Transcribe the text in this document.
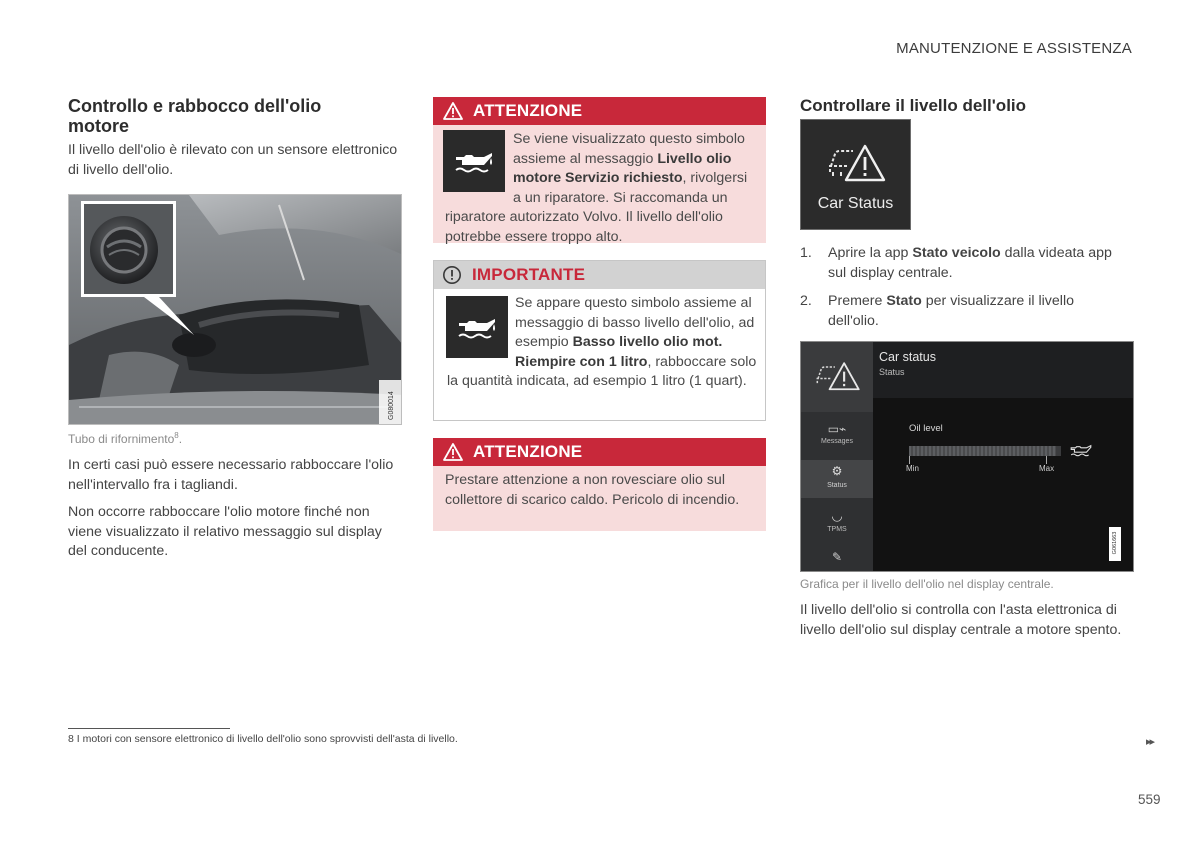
MANUTENZIONE E ASSISTENZA
Controllo e rabbocco dell'olio motore
Il livello dell'olio è rilevato con un sensore elettronico di livello dell'olio.
G080014
Tubo di rifornimento$^8$.
In certi casi può essere necessario rabboccare l'olio nell'intervallo fra i tagliandi.
Non occorre rabboccare l'olio motore finché non viene visualizzato il relativo messaggio sul display del conducente.
ATTENZIONE
Se viene visualizzato questo simbolo assieme al messaggio Livello olio motore Servizio richiesto, rivolgersi a un riparatore. Si raccomanda un riparatore autorizzato Volvo. Il livello dell'olio potrebbe essere troppo alto.
IMPORTANTE
Se appare questo simbolo assieme al messaggio di basso livello dell'olio, ad esempio Basso livello olio mot. Riempire con 1 litro, rabboccare solo la quantità indicata, ad esempio 1 litro (1 quart).
ATTENZIONE
Prestare attenzione a non rovesciare olio sul collettore di scarico caldo. Pericolo di incendio.
Controllare il livello dell'olio
Car Status
1. Aprire la app Stato veicolo dalla videata app sul display centrale.
2. Premere Stato per visualizzare il livello dell'olio.
▭⌁
Messages
⚙
Status
◡
TPMS
✎
Car status
Status
Oil level
Min	Max
G061663
Grafica per il livello dell'olio nel display centrale.
Il livello dell'olio si controlla con l'asta elettronica di livello dell'olio sul display centrale a motore spento.
8 I motori con sensore elettronico di livello dell'olio sono sprovvisti dell'asta di livello.	▸▸
559
